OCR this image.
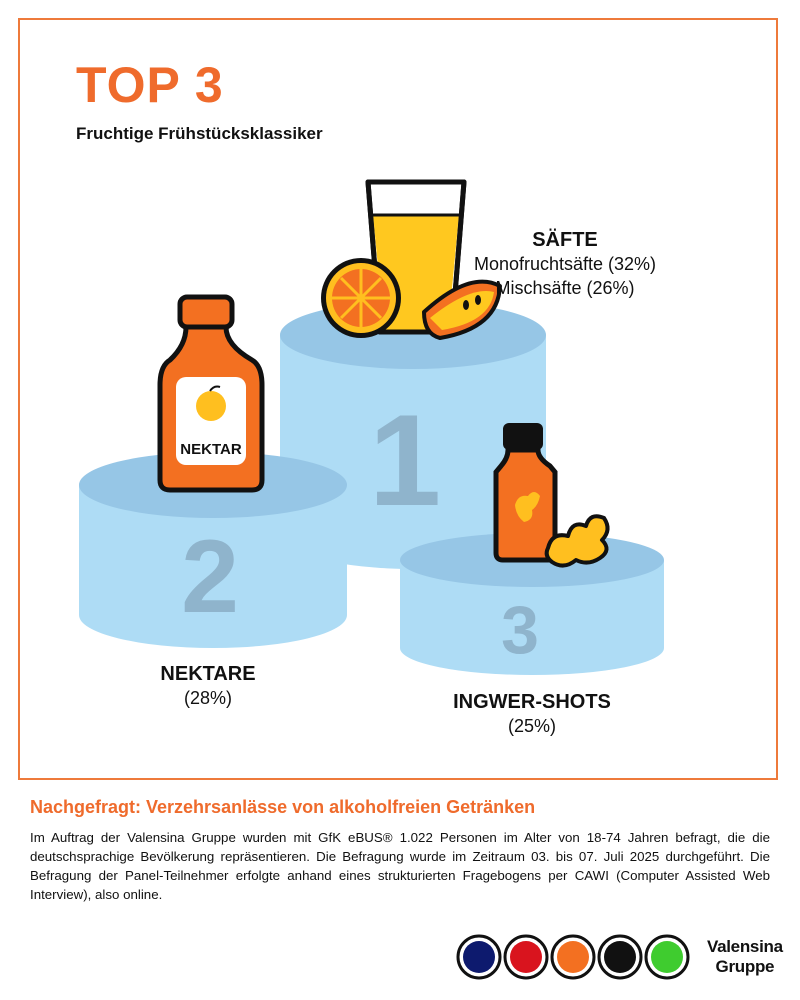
TOP 3
Fruchtige Frühstücksklassiker
1
2	3
NEKTAR
SÄFTE
Monofruchtsäfte (32%)
Mischsäfte (26%)
NEKTARE
(28%)	INGWER-SHOTS
(25%)
Nachgefragt: Verzehrsanlässe von alkoholfreien Getränken
Im Auftrag der Valensina Gruppe wurden mit GfK eBUS® 1.022 Personen im Alter von 18-74 Jahren befragt, die die deutschsprachige Bevölkerung repräsentieren. Die Befragung wurde im Zeitraum 03. bis 07. Juli 2025 durchgeführt. Die Befragung der Panel-Teilnehmer erfolgte anhand eines strukturierten Fragebogens per CAWI (Computer Assisted Web Interview), also online.
Valensina
Gruppe
